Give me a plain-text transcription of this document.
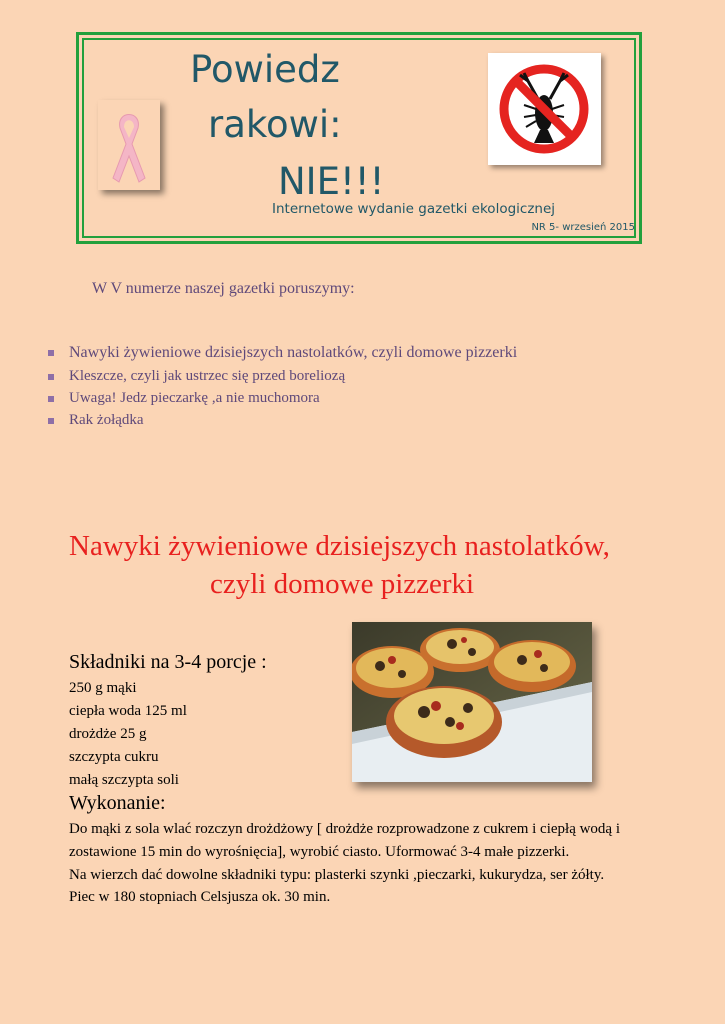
Powiedz
rakowi:
NIE!!!
Internetowe wydanie gazetki ekologicznej
NR 5- wrzesień 2015
W V numerze naszej gazetki poruszymy:
Nawyki żywieniowe dzisiejszych nastolatków, czyli domowe pizzerki
Kleszcze, czyli jak ustrzec się przed boreliozą
Uwaga! Jedz pieczarkę ,a nie muchomora
Rak żołądka
Nawyki żywieniowe dzisiejszych nastolatków,
czyli domowe pizzerki
Składniki na 3-4 porcje :
250 g mąki
ciepła woda 125 ml
drożdże 25 g
szczypta cukru
małą szczypta soli
Wykonanie:
Do mąki z sola wlać rozczyn drożdżowy [ drożdże rozprowadzone z cukrem i ciepłą wodą i
zostawione 15 min do wyrośnięcia], wyrobić ciasto. Uformować 3-4 małe pizzerki.
Na wierzch dać dowolne składniki typu: plasterki szynki ,pieczarki, kukurydza, ser żółty.
Piec w 180 stopniach Celsjusza ok. 30 min.
